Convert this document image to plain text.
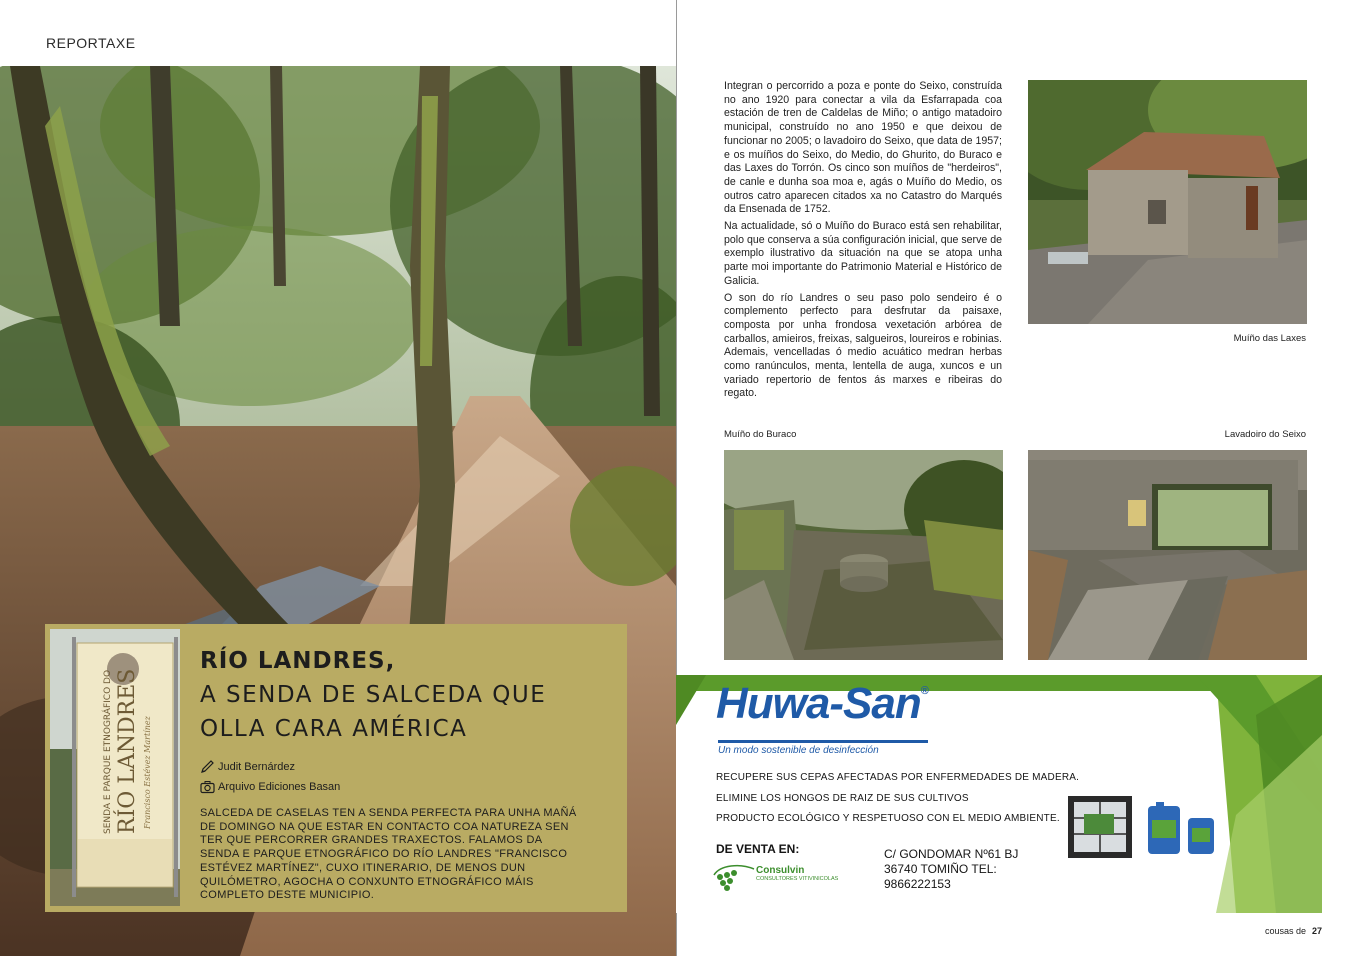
REPORTAXE
SENDA E PARQUE ETNOGRÁFICO DO RÍO LANDRES Francisco Estévez Martínez
RÍO LANDRES,
A SENDA DE SALCEDA QUE
OLLA CARA AMÉRICA
Judit Bernárdez
Arquivo Ediciones Basan
SALCEDA DE CASELAS TEN A SENDA PERFECTA PARA UNHA MAÑÁ DE DOMINGO NA QUE ESTAR EN CONTACTO COA NATUREZA SEN TER QUE PERCORRER GRANDES TRAXECTOS. FALAMOS DA SENDA E PARQUE ETNOGRÁFICO DO RÍO LANDRES "FRANCISCO ESTÉVEZ MARTÍNEZ", CUXO ITINERARIO, DE MENOS DUN QUILÓMETRO, AGOCHA O CONXUNTO ETNOGRÁFICO MÁIS COMPLETO DESTE MUNICIPIO.

Integran o percorrido a poza e ponte do Seixo, construída no ano 1920 para conectar a vila da Esfarrapada coa estación de tren de Caldelas de Miño; o antigo matadoiro municipal, construído no ano 1950 e que deixou de funcionar no 2005; o lavadoiro do Seixo, que data de 1957; e os muíños do Seixo, do Medio, do Ghurito, do Buraco e das Laxes do Torrón. Os cinco son muíños de "herdeiros", de canle e dunha soa moa e, agás o Muíño do Medio, os outros catro aparecen citados xa no Catastro do Marqués da Ensenada de 1752.

Na actualidade, só o Muíño do Buraco está sen rehabilitar, polo que conserva a súa configuración inicial, que serve de exemplo ilustrativo da situación na que se atopa unha parte moi importante do Patrimonio Material e Histórico de Galicia.

O son do río Landres o seu paso polo sendeiro é o complemento perfecto para desfrutar da paisaxe, composta por unha frondosa vexetación arbórea de carballos, amieiros, freixas, salgueiros, loureiros e robinias. Ademais, vencelladas ó medio acuático medran herbas como ranúnculos, menta, lentella de auga, xuncos e un variado repertorio de fentos ás marxes e ribeiras do regato.

Muíño das Laxes
Muíño do Buraco	Lavadoiro do Seixo
Huwa-San®
Un modo sostenible de desinfección
RECUPERE SUS CEPAS AFECTADAS POR ENFERMEDADES DE MADERA.
ELIMINE LOS HONGOS DE RAIZ DE SUS CULTIVOS
PRODUCTO ECOLÓGICO Y RESPETUOSO CON EL MEDIO AMBIENTE.
DE VENTA EN:
Consulvin
CONSULTORES VITIVINICOLAS
C/ GONDOMAR Nº61 BJ
36740 TOMIÑO TEL:
9866222153
cousas de 27
